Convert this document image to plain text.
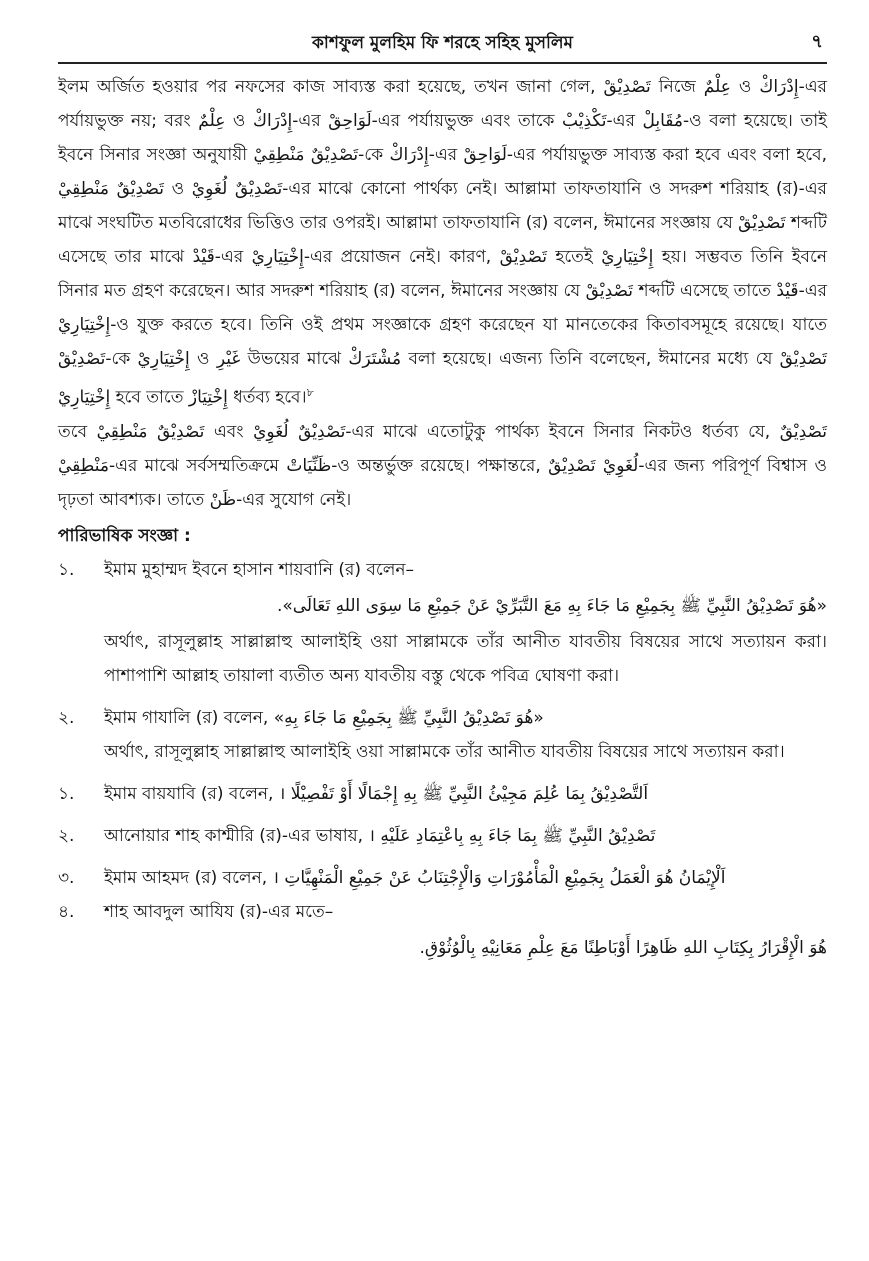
কাশফুল মুলহিম ফি শরহে সহিহ মুসলিম	৭

ইলম অর্জিত হওয়ার পর নফসের কাজ সাব্যস্ত করা হয়েছে, তখন জানা গেল, تَصْدِيْقْ নিজে عِلْمٌ ও إِدْرَاكْ-এর পর্যায়ভুক্ত নয়; বরং عِلْمٌ ও إِدْرَاكْ-এর لَوَاحِقْ-এর পর্যায়ভুক্ত এবং তাকে تَكْذِيْبْ-এর مُقَابِلْ-ও বলা হয়েছে। তাই ইবনে সিনার সংজ্ঞা অনুযায়ী تَصْدِيْقٌ مَنْطِقِيْ-কে إِدْرَاكْ-এর لَوَاحِقْ-এর পর্যায়ভুক্ত সাব্যস্ত করা হবে এবং বলা হবে, تَصْدِيْقٌ مَنْطِقِيْ ও تَصْدِيْقٌ لُغَوِيْ-এর মাঝে কোনো পার্থক্য নেই। আল্লামা তাফতাযানি ও সদরুশ শরিয়াহ (র)-এর মাঝে সংঘটিত মতবিরোধের ভিত্তিও তার ওপরই। আল্লামা তাফতাযানি (র) বলেন, ঈমানের সংজ্ঞায় যে تَصْدِيْقْ শব্দটি এসেছে তার মাঝে قَيْدْ-এর إِخْتِيَارِيْ-এর প্রয়োজন নেই। কারণ, تَصْدِيْقْ হতেই إِخْتِيَارِيْ হয়। সম্ভবত তিনি ইবনে সিনার মত গ্রহণ করেছেন। আর সদরুশ শরিয়াহ (র) বলেন, ঈমানের সংজ্ঞায় যে تَصْدِيْقْ শব্দটি এসেছে তাতে قَيْدْ-এর إِخْتِيَارِيْ-ও যুক্ত করতে হবে। তিনি ওই প্রথম সংজ্ঞাকে গ্রহণ করেছেন যা মানতেকের কিতাবসমূহে রয়েছে। যাতে تَصْدِيْقْ-কে إِخْتِيَارِيْ ও غَيْرِ উভয়ের মাঝে مُشْتَرَكْ বলা হয়েছে। এজন্য তিনি বলেছেন, ঈমানের মধ্যে যে تَصْدِيْقْ إِخْتِيَارِيْ হবে তাতে إِخْتِيَازْ ধর্তব্য হবে।$^৮$

তবে تَصْدِيْقٌ مَنْطِقِيْ এবং تَصْدِيْقٌ لُغَوِيْ-এর মাঝে এতোটুকু পার্থক্য ইবনে সিনার নিকটও ধর্তব্য যে, تَصْدِيْقٌ مَنْطِقِيْ-এর মাঝে সর্বসম্মতিক্রমে ظَنِّيَاتْ-ও অন্তর্ভুক্ত রয়েছে। পক্ষান্তরে, تَصْدِيْقٌ لُغَوِيْ-এর জন্য পরিপূর্ণ বিশ্বাস ও দৃঢ়তা আবশ্যক। তাতে ظَنْ-এর সুযোগ নেই।

পারিভাষিক সংজ্ঞা :
১.	ইমাম মুহাম্মদ ইবনে হাসান শায়বানি (র) বলেন–
«هُوَ تَصْدِيْقُ النَّبِيِّ ﷺ بِجَمِيْعِ مَا جَاءَ بِهِ مَعَ التَّبَرِّيْ عَنْ جَمِيْعِ مَا سِوَى اللهِ تَعَالَى».

অর্থাৎ, রাসূলুল্লাহ সাল্লাল্লাহু আলাইহি ওয়া সাল্লামকে তাঁর আনীত যাবতীয় বিষয়ের সাথে সত্যায়ন করা। পাশাপাশি আল্লাহ তায়ালা ব্যতীত অন্য যাবতীয় বস্তু থেকে পবিত্র ঘোষণা করা।

২.	ইমাম গাযালি (র) বলেন, «هُوَ تَصْدِيْقُ النَّبِيِّ ﷺ بِجَمِيْعِ مَا جَاءَ بِهِ»

অর্থাৎ, রাসূলুল্লাহ সাল্লাল্লাহু আলাইহি ওয়া সাল্লামকে তাঁর আনীত যাবতীয় বিষয়ের সাথে সত্যায়ন করা।

১.	ইমাম বায়যাবি (র) বলেন, اَلتَّصْدِيْقُ بِمَا عُلِمَ مَجِيْئُ النَّبِيِّ ﷺ بِهِ إِجْمَالًا أَوْ تَفْصِيْلًا ।
২.	আনোয়ার শাহ কাশ্মীরি (র)-এর ভাষায়, تَصْدِيْقُ النَّبِيِّ ﷺ بِمَا جَاءَ بِهِ بِاعْتِمَادِ عَلَيْهِ ।
৩.	ইমাম আহমদ (র) বলেন, اَلْإِيْمَانُ هُوَ الْعَمَلُ بِجَمِيْعِ الْمَأْمُوْرَاتِ وَالْإِجْتِنَابُ عَنْ جَمِيْعِ الْمَنْهِيَّاتِ ।
৪.	শাহ আবদুল আযিয (র)-এর মতে–
هُوَ الْإِقْرَارُ بِكِتَابِ اللهِ ظَاهِرًا أَوْبَاطِنًا مَعَ عِلْمِ مَعَانِيْهِ بِالْوُثُوْقِ.
